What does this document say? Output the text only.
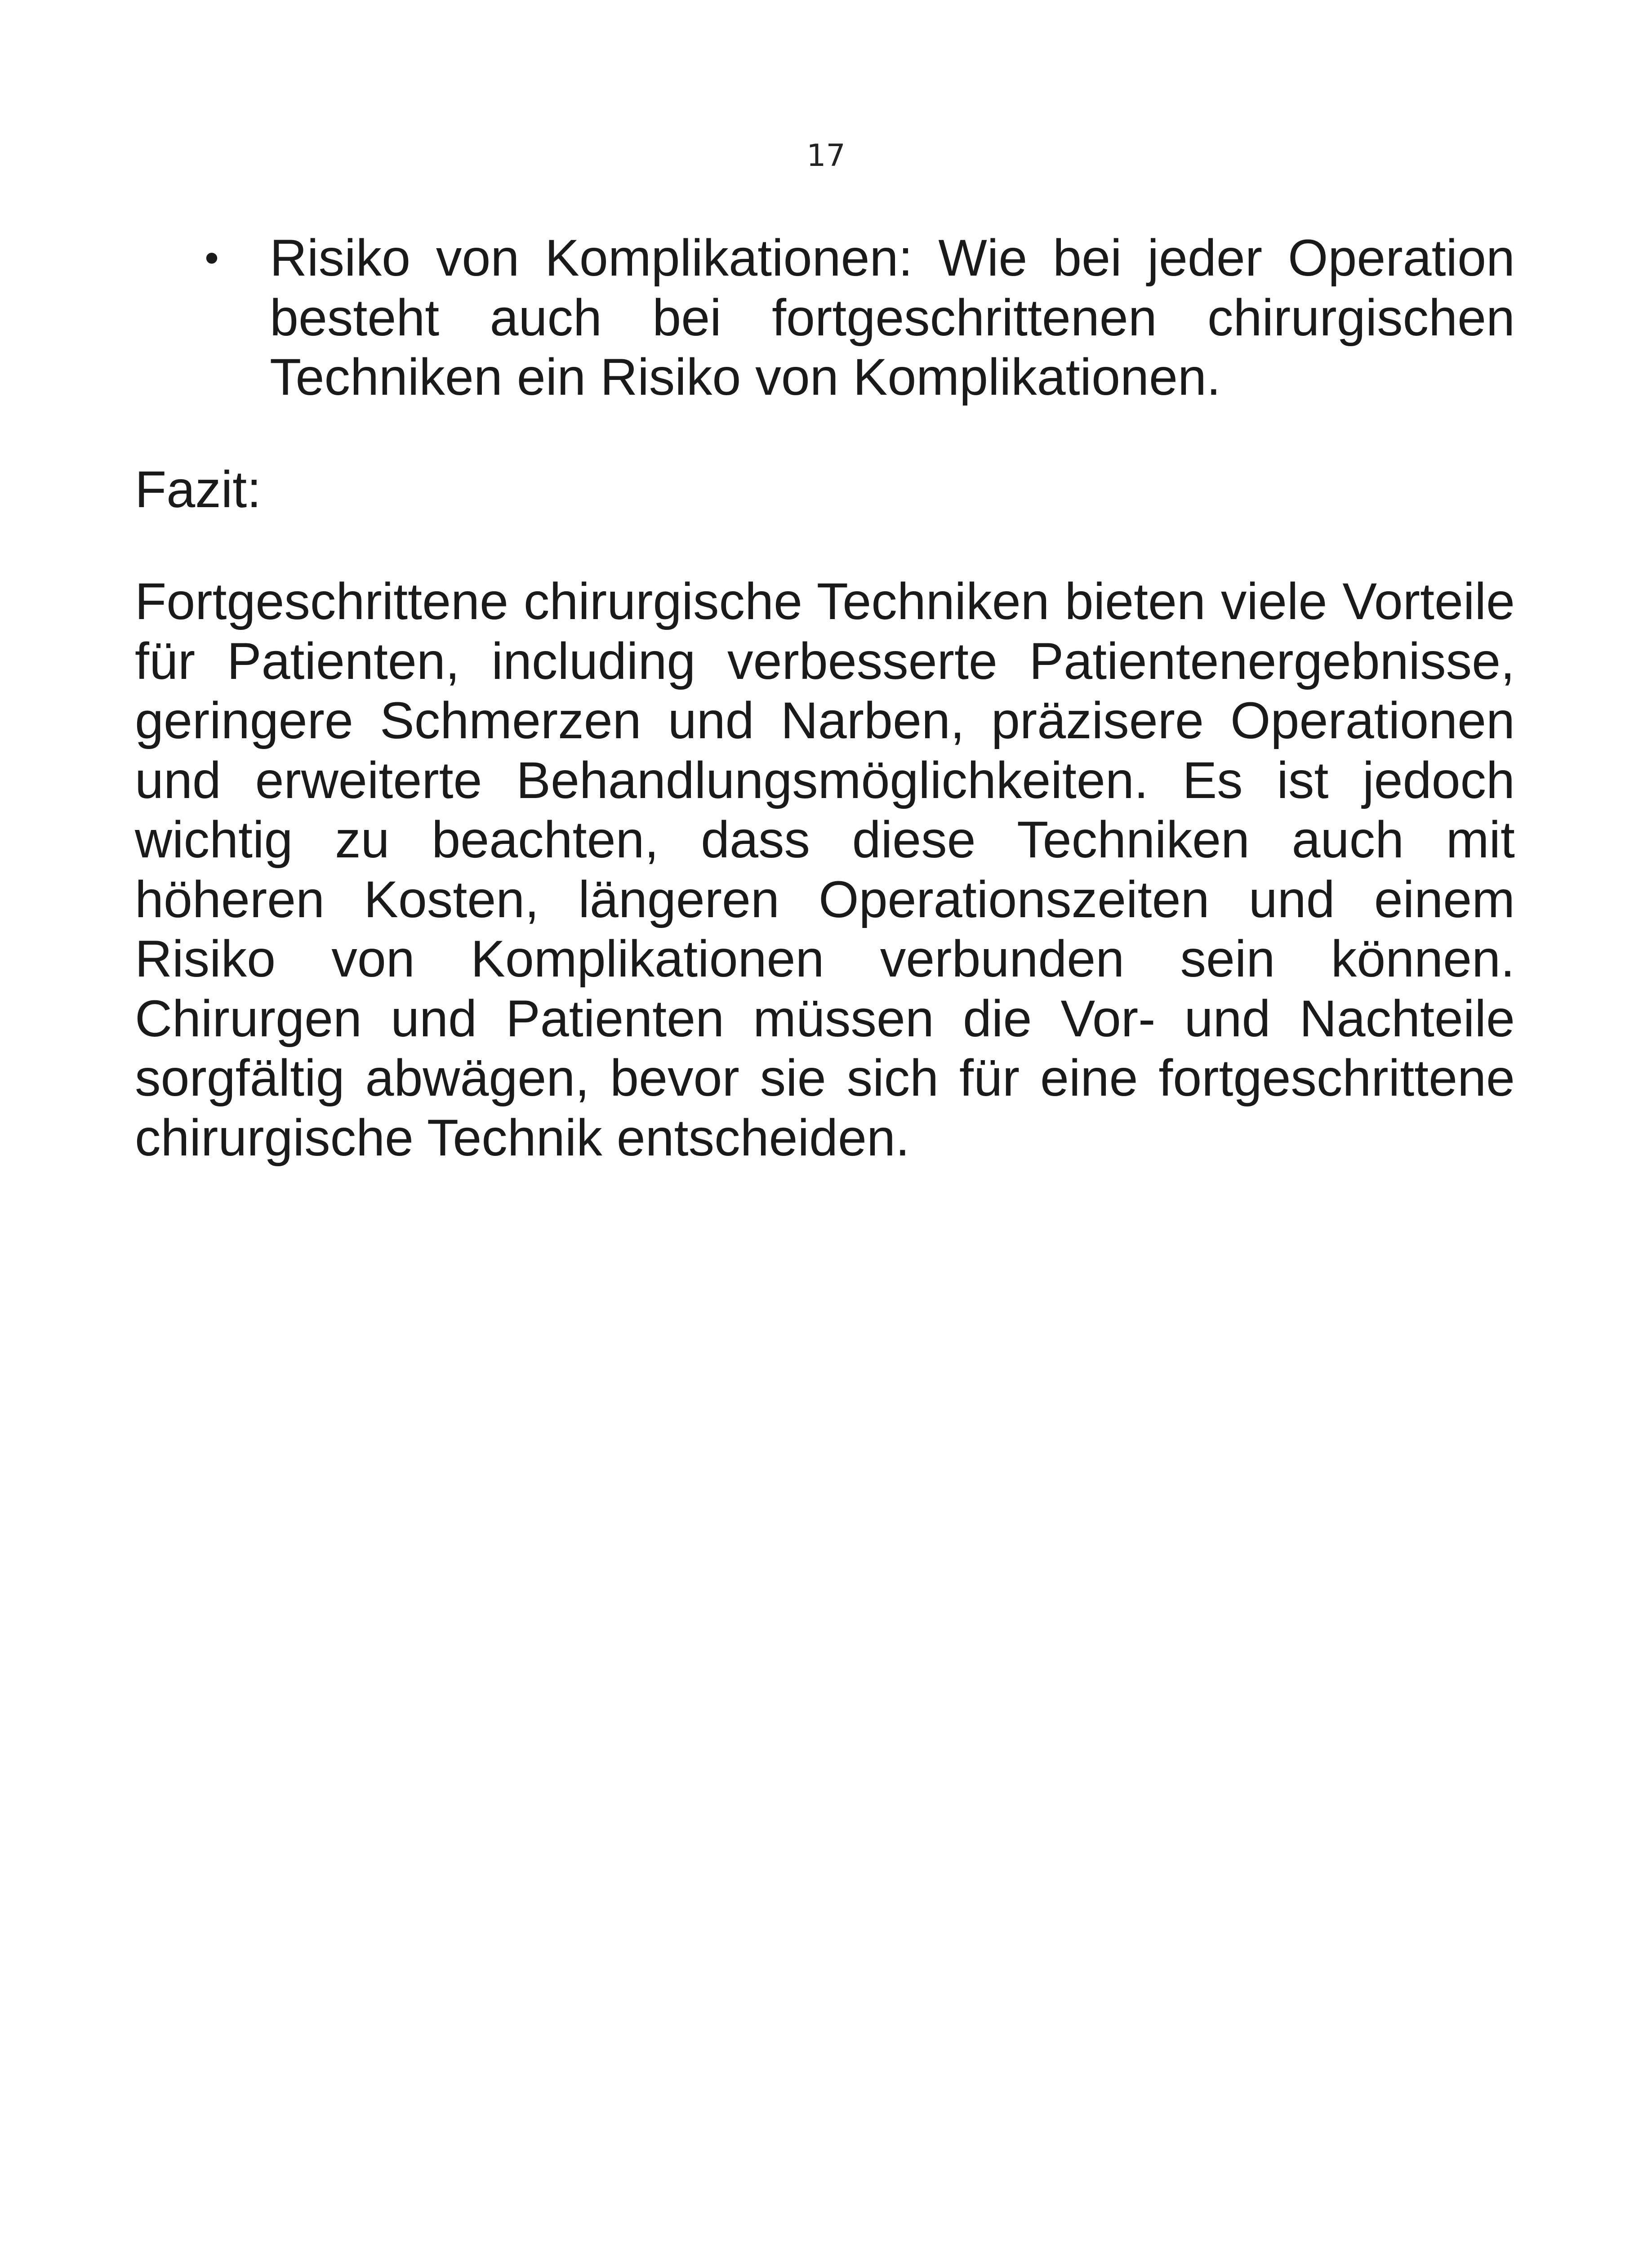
17
• Risiko von Komplikationen: Wie bei jeder Operation besteht auch bei fortgeschrittenen chirurgischen Techniken ein Risiko von Komplikationen.
Fazit:
Fortgeschrittene chirurgische Techniken bieten viele Vorteile für Patienten, including verbesserte Patientenergebnisse, geringere Schmerzen und Narben, präzisere Operationen und erweiterte Behandlungsmöglichkeiten. Es ist jedoch wichtig zu beachten, dass diese Techniken auch mit höheren Kosten, längeren Operationszeiten und einem Risiko von Komplikationen verbunden sein können. Chirurgen und Patienten müssen die Vor- und Nachteile sorgfältig abwägen, bevor sie sich für eine fortgeschrittene chirurgische Technik entscheiden.
